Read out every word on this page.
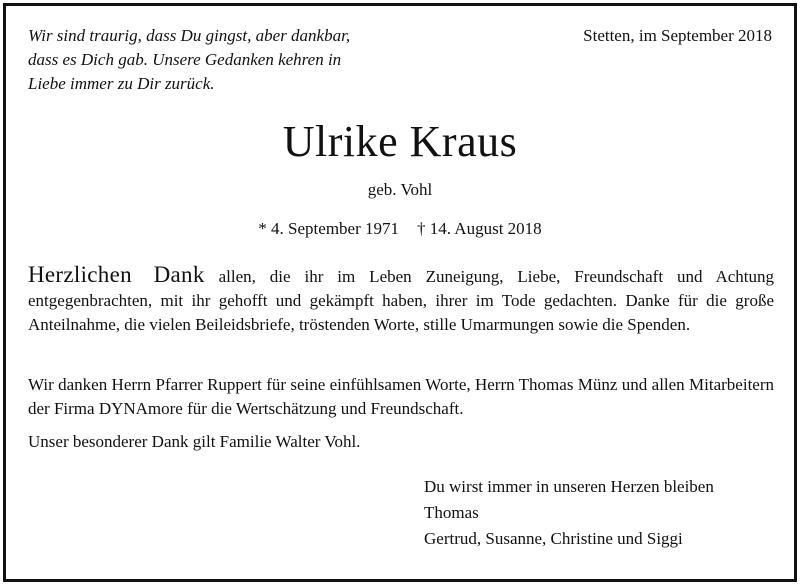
Wir sind traurig, dass Du gingst, aber dankbar, dass es Dich gab. Unsere Gedanken kehren in Liebe immer zu Dir zurück.
Stetten, im September 2018
Ulrike Kraus
geb. Vohl
* 4. September 1971 † 14. August 2018
Herzlichen Dank allen, die ihr im Leben Zuneigung, Liebe, Freundschaft und Achtung entgegenbrachten, mit ihr gehofft und gekämpft haben, ihrer im Tode gedachten. Danke für die große Anteilnahme, die vielen Beileidsbriefe, tröstenden Worte, stille Umarmungen sowie die Spenden.
Wir danken Herrn Pfarrer Ruppert für seine einfühlsamen Worte, Herrn Thomas Münz und allen Mitarbeitern der Firma DYNAmore für die Wertschätzung und Freundschaft.
Unser besonderer Dank gilt Familie Walter Vohl.
Du wirst immer in unseren Herzen bleiben
Thomas
Gertrud, Susanne, Christine und Siggi
